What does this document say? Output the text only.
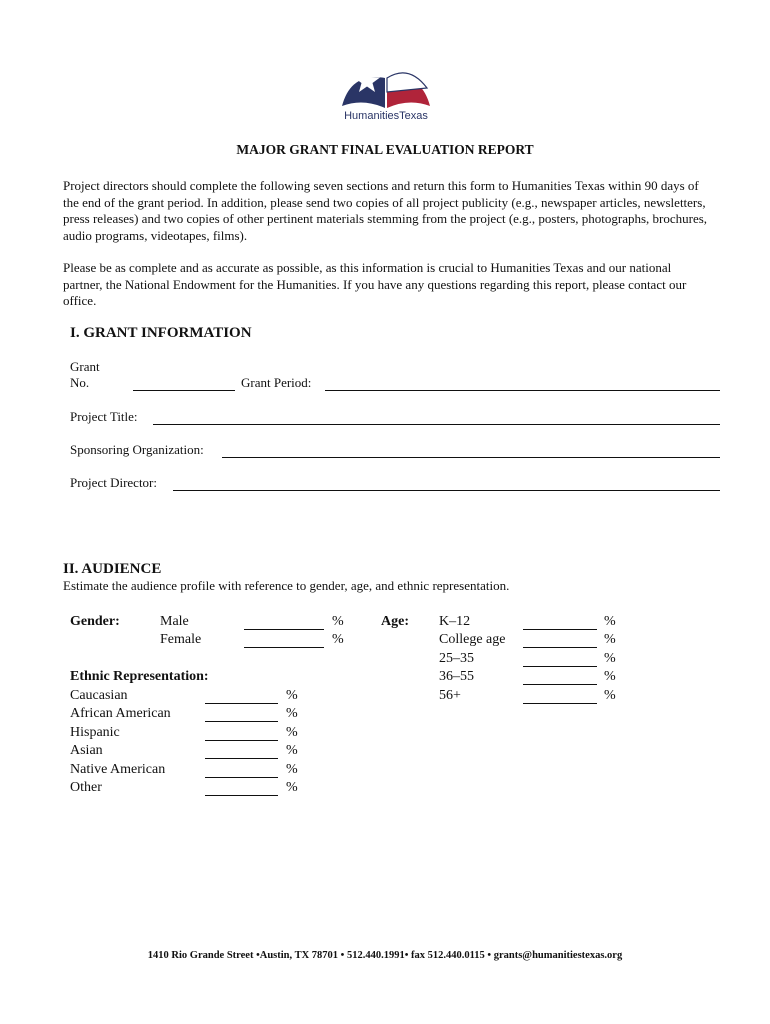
HumanitiesTexas
MAJOR GRANT FINAL EVALUATION REPORT
Project directors should complete the following seven sections and return this form to Humanities Texas within 90 days of the end of the grant period. In addition, please send two copies of all project publicity (e.g., newspaper articles, newsletters, press releases) and two copies of other pertinent materials stemming from the project (e.g., posters, photographs, brochures, audio programs, videotapes, films).
Please be as complete and as accurate as possible, as this information is crucial to Humanities Texas and our national partner, the National Endowment for the Humanities. If you have any questions regarding this report, please contact our office.
I. GRANT INFORMATION
Grant
No.	Grant Period:
Project Title:
Sponsoring Organization:
Project Director:
II. AUDIENCE
Estimate the audience profile with reference to gender, age, and ethnic representation.
Gender:	Male	%
Female	%
Age: K–12	%
College age	%
25–35	%
36–55	%
56+	%
Ethnic Representation:
Caucasian	%
African American	%
Hispanic	%
Asian	%
Native American	%
Other	%
1410 Rio Grande Street •Austin, TX 78701 • 512.440.1991• fax 512.440.0115 • grants@humanitiestexas.org
